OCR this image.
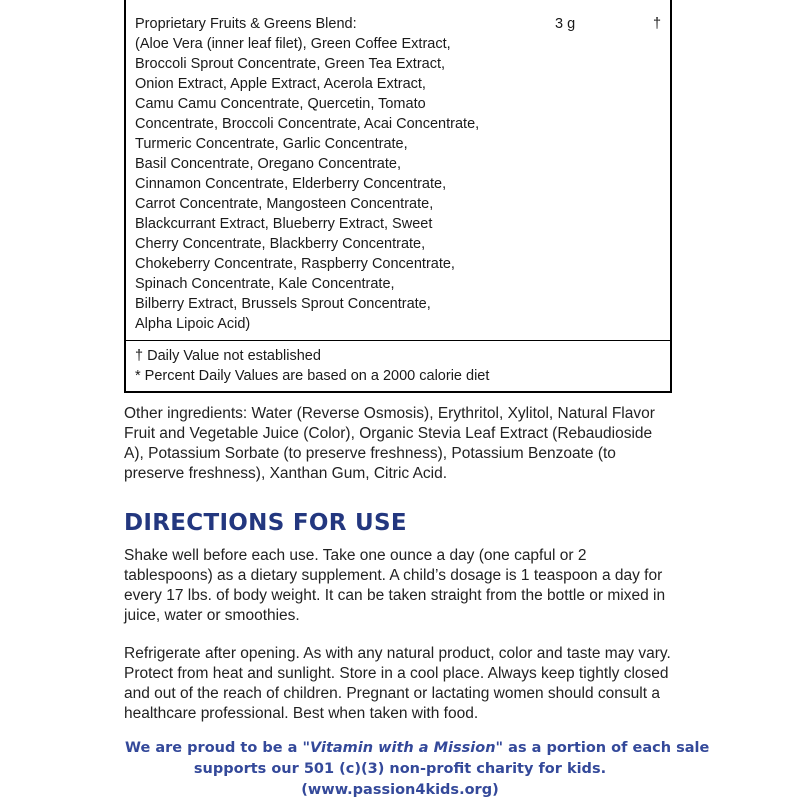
Proprietary Fruits & Greens Blend:	3 g	†
(Aloe Vera (inner leaf filet), Green Coffee Extract,
Broccoli Sprout Concentrate, Green Tea Extract,
Onion Extract, Apple Extract, Acerola Extract,
Camu Camu Concentrate, Quercetin, Tomato
Concentrate, Broccoli Concentrate, Acai Concentrate,
Turmeric Concentrate, Garlic Concentrate,
Basil Concentrate, Oregano Concentrate,
Cinnamon Concentrate, Elderberry Concentrate,
Carrot Concentrate, Mangosteen Concentrate,
Blackcurrant Extract, Blueberry Extract, Sweet
Cherry Concentrate, Blackberry Concentrate,
Chokeberry Concentrate, Raspberry Concentrate,
Spinach Concentrate, Kale Concentrate,
Bilberry Extract, Brussels Sprout Concentrate,
Alpha Lipoic Acid)
† Daily Value not established
* Percent Daily Values are based on a 2000 calorie diet
Other ingredients: Water (Reverse Osmosis), Erythritol, Xylitol, Natural Flavor
Fruit and Vegetable Juice (Color), Organic Stevia Leaf Extract (Rebaudioside
A), Potassium Sorbate (to preserve freshness), Potassium Benzoate (to
preserve freshness), Xanthan Gum, Citric Acid.
DIRECTIONS FOR USE
Shake well before each use. Take one ounce a day (one capful or 2
tablespoons) as a dietary supplement. A child’s dosage is 1 teaspoon a day for
every 17 lbs. of body weight. It can be taken straight from the bottle or mixed in
juice, water or smoothies.
Refrigerate after opening. As with any natural product, color and taste may vary.
Protect from heat and sunlight. Store in a cool place. Always keep tightly closed
and out of the reach of children. Pregnant or lactating women should consult a
healthcare professional. Best when taken with food.
We are proud to be a "Vitamin with a Mission" as a portion of each sale
supports our 501 (c)(3) non-profit charity for kids.
(www.passion4kids.org)
